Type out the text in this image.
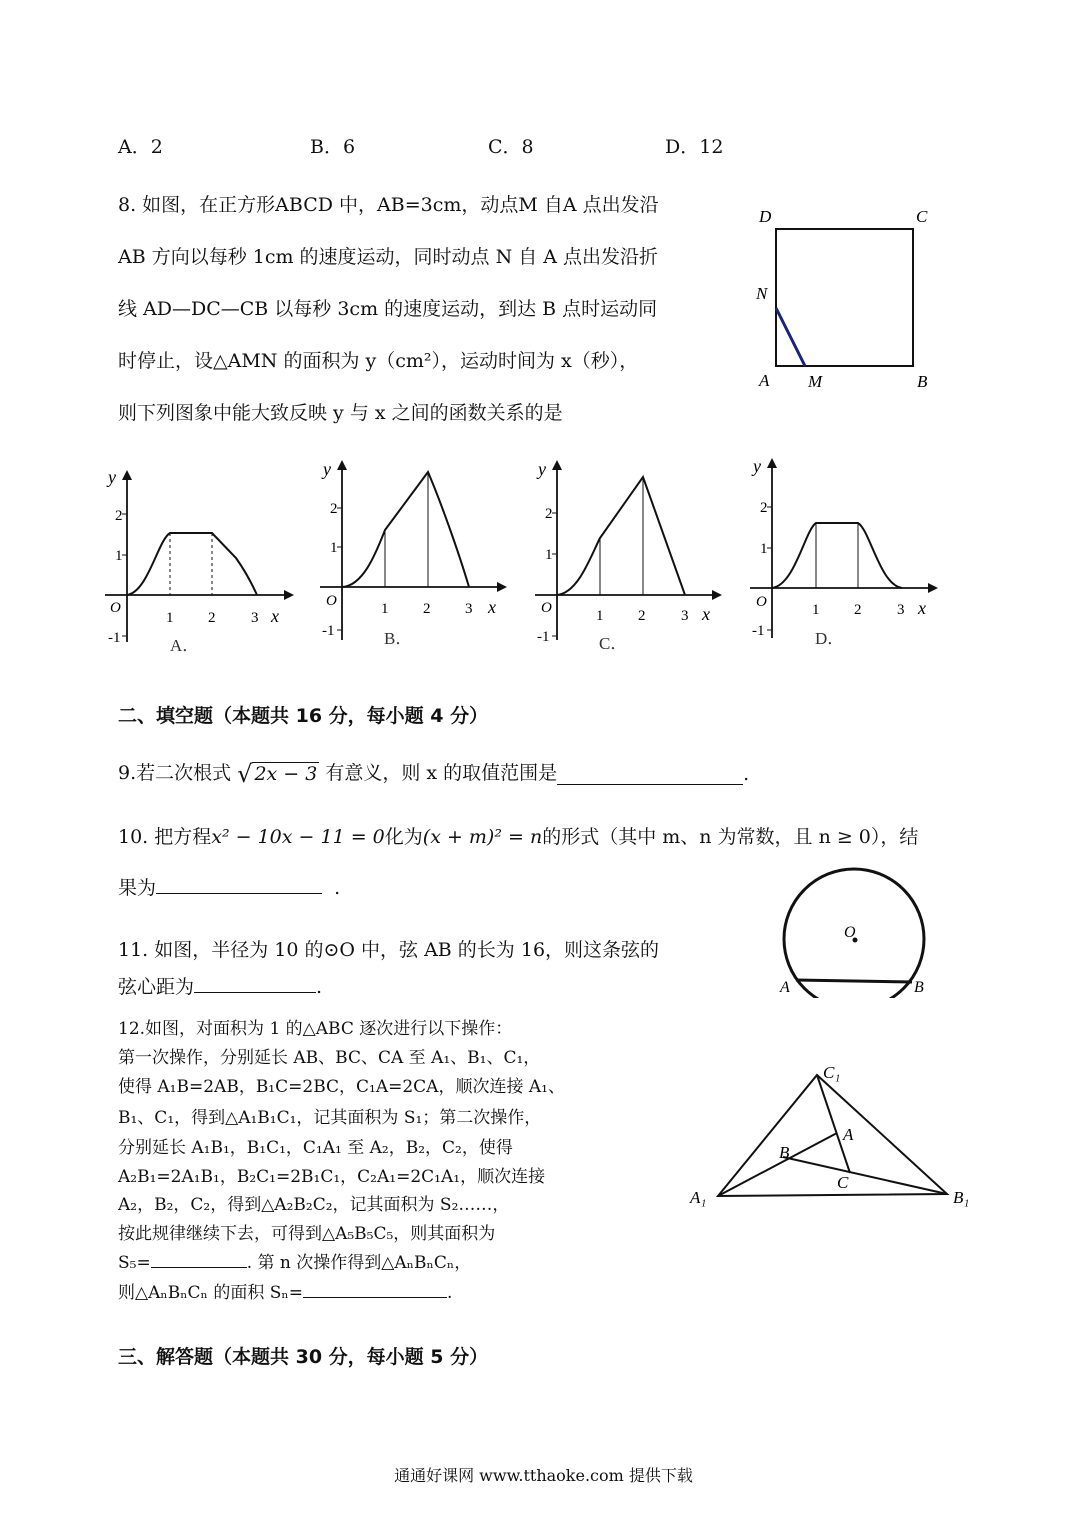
A．2	B．6	C．8	D．12
8. 如图，在正方形ABCD 中，AB=3cm，动点M 自A 点出发沿
AB 方向以每秒 1cm 的速度运动，同时动点 N 自 A 点出发沿折
线 AD—DC—CB 以每秒 3cm 的速度运动，到达 B 点时运动同
时停止，设△AMN 的面积为 y（cm²），运动时间为 x（秒），
则下列图象中能大致反映 y 与 x 之间的函数关系的是
D	C
N
A M	B
y
O
2
1
-1
1 2 3 x
A．
y
O
2
1
-1
1 2 3 x
B．
y
O
2
1
-1
1 2 3 x
C．
y
O
2
1
-1
1 2 3 x
D．
二、填空题（本题共 16 分，每小题 4 分）
9.若二次根式 √ 2x − 3 有意义，则 x 的取值范围是	.
10. 把方程x² − 10x − 11 = 0化为(x + m)² = n的形式（其中 m、n 为常数，且 n ≥ 0），结
果为	.
11. 如图，半径为 10 的⊙O 中，弦 AB 的长为 16，则这条弦的
弦心距为	.
O
A	B
12.如图，对面积为 1 的△ABC 逐次进行以下操作：
第一次操作，分别延长 AB、BC、CA 至 A₁、B₁、C₁，
使得 A₁B=2AB，B₁C=2BC，C₁A=2CA，顺次连接 A₁、
B₁、C₁，得到△A₁B₁C₁，记其面积为 S₁；第二次操作，
分别延长 A₁B₁，B₁C₁，C₁A₁ 至 A₂，B₂，C₂，使得
A₂B₁=2A₁B₁，B₂C₁=2B₁C₁，C₂A₁=2C₁A₁，顺次连接
A₂，B₂，C₂，得到△A₂B₂C₂，记其面积为 S₂……，
按此规律继续下去，可得到△A₅B₅C₅，则其面积为
S₅=	. 第 n 次操作得到△AₙBₙCₙ，
则△AₙBₙCₙ 的面积 Sₙ=	.
C₁
A
B
C
A₁	B₁
三、解答题（本题共 30 分，每小题 5 分）
通通好课网 www.tthaoke.com 提供下载
